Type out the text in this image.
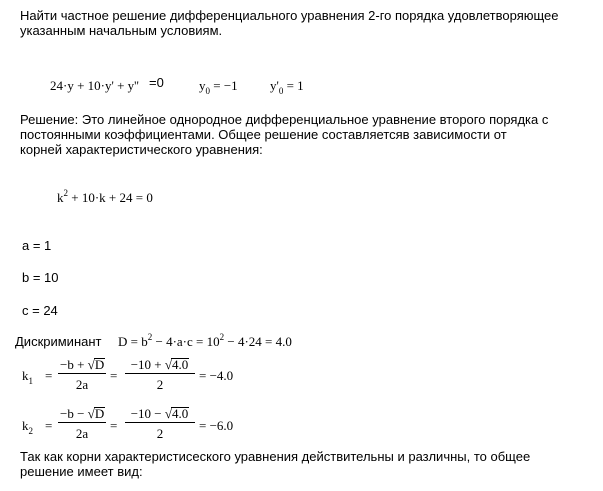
Найти частное решение дифференциального уравнения 2-го порядка удовлетворяющее
указанным начальным условиям.
24·y + 10·y' + y'' =0	$y_0 = -1$ $y'_0 = 1$
Решение: Это линейное однородное дифференциальное уравнение второго порядка с
постоянными коэффициентами. Общее решение составляетсяв зависимости от
корней характеристического уравнения:
$k^2 + 10\cdot k + 24 = 0$
a = 1
b = 10
c = 24
Дискриминант $D = b^2 - 4\cdot a\cdot c = 10^2 - 4\cdot 24 = 4.0$
$k_1$ =
−b + √D
2a
=
−10 + √4.0
2
= −4.0
$k_2$ =
−b − √D
2a
=
−10 − √4.0
2
= −6.0
Так как корни характеристисеского уравнения действительны и различны, то общее
решение имеет вид:
